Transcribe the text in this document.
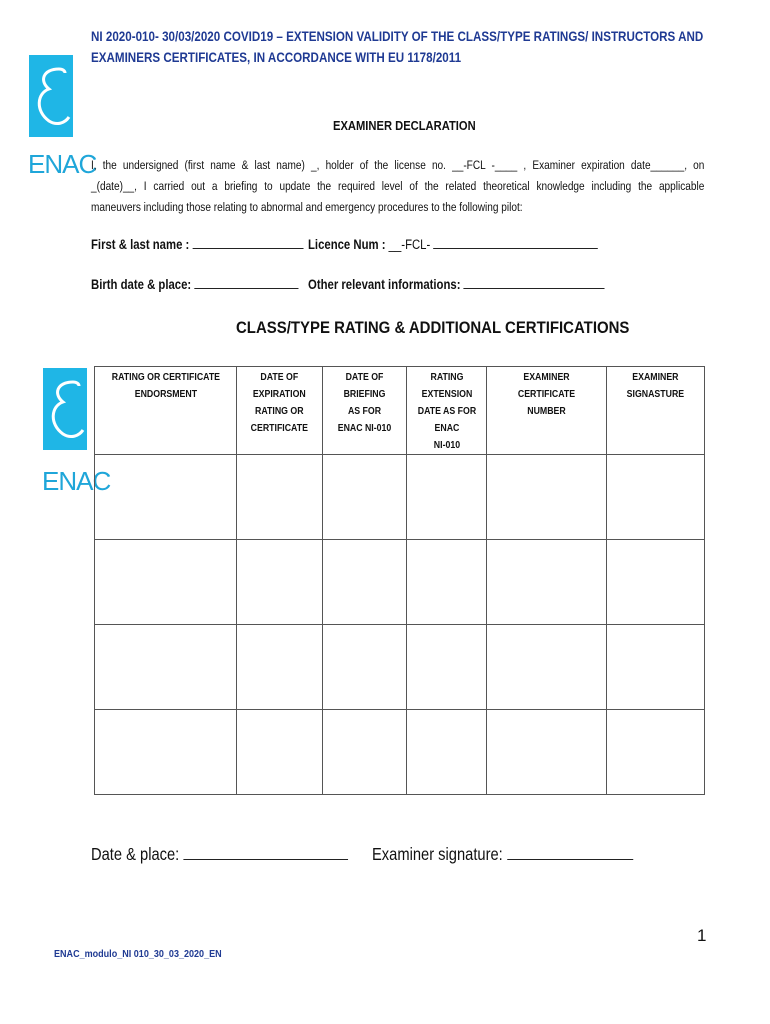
NI 2020-010- 30/03/2020 COVID19 – EXTENSION VALIDITY OF THE CLASS/TYPE RATINGS/ INSTRUCTORS AND
EXAMINERS CERTIFICATES, IN ACCORDANCE WITH EU 1178/2011
ENAC
ENAC
EXAMINER DECLARATION
I, the undersigned (first name & last name) _, holder of the license no. __-FCL -____ , Examiner expiration date______, on
_(date)__, I carried out a briefing to update the required level of the related theoretical knowledge including the applicable
maneuvers including those relating to abnormal and emergency procedures to the following pilot:
First & last name :	Licence Num : __-FCL-
Birth date & place:	Other relevant informations:
CLASS/TYPE RATING & ADDITIONAL CERTIFICATIONS
RATING OR CERTIFICATE
ENDORSMENT	DATE OF
EXPIRATION
RATING OR
CERTIFICATE	DATE OF BRIEFING
AS FOR
ENAC NI-010	RATING
EXTENSION
DATE AS FOR
ENAC
NI-010	EXAMINER CERTIFICATE
NUMBER	EXAMINER
SIGNASTURE

Date & place:	Examiner signature:
1
ENAC_modulo_NI 010_30_03_2020_EN
